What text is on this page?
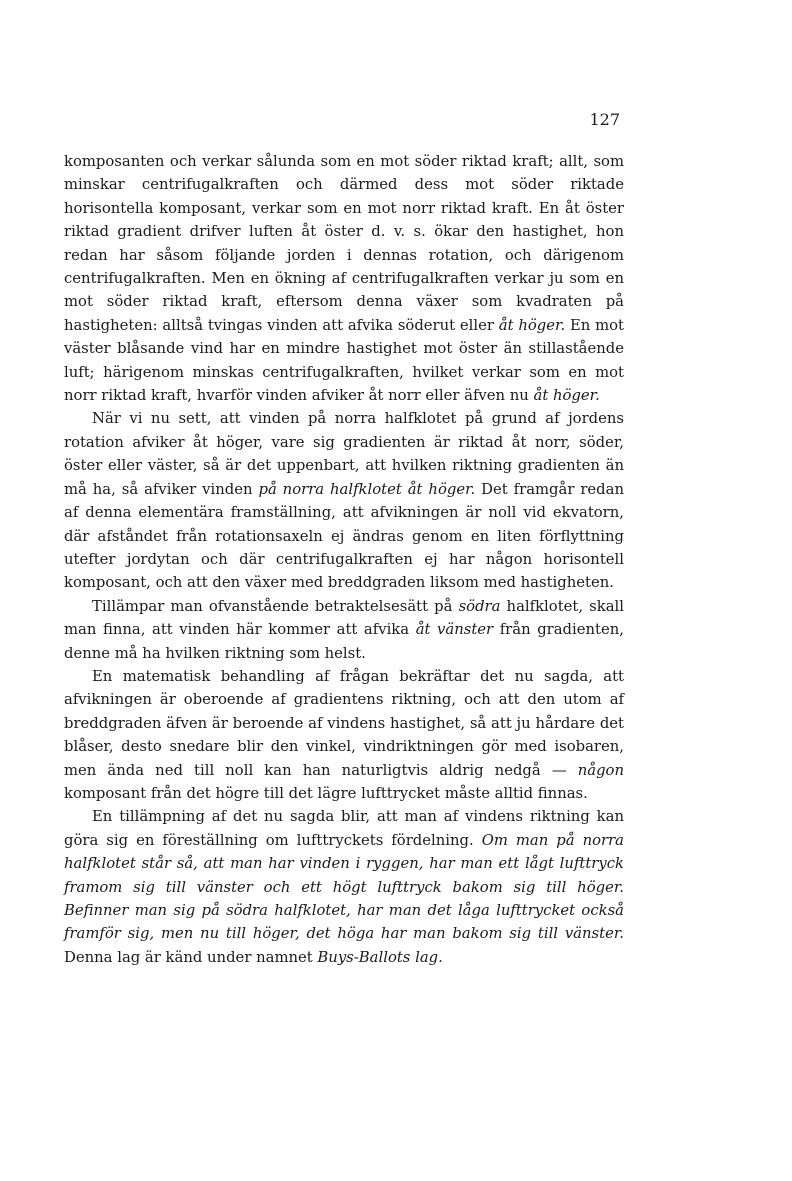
127

komposanten och verkar sålunda som en mot söder riktad kraft; allt, som minskar centrifugalkraften och därmed dess mot söder riktade horisontella komposant, verkar som en mot norr riktad kraft. En åt öster riktad gradient drifver luften åt öster d. v. s. ökar den hastighet, hon redan har såsom följande jorden i dennas rotation, och därigenom centrifugalkraften. Men en ökning af centrifugalkraften verkar ju som en mot söder riktad kraft, eftersom denna växer som kvadraten på hastigheten: alltså tvingas vinden att afvika söderut eller åt höger. En mot väster blåsande vind har en mindre hastighet mot öster än stillastående luft; härigenom minskas centrifugalkraften, hvilket verkar som en mot norr riktad kraft, hvarför vinden afviker åt norr eller äfven nu åt höger.

När vi nu sett, att vinden på norra halfklotet på grund af jordens rotation afviker åt höger, vare sig gradienten är riktad åt norr, söder, öster eller väster, så är det uppenbart, att hvilken riktning gradienten än må ha, så afviker vinden på norra halfklotet åt höger. Det framgår redan af denna elementära framställning, att afvikningen är noll vid ekvatorn, där afståndet från rotationsaxeln ej ändras genom en liten förflyttning utefter jordytan och där centrifugalkraften ej har någon horisontell komposant, och att den växer med breddgraden liksom med hastigheten.

Tillämpar man ofvanstående betraktelsesätt på södra halfklotet, skall man finna, att vinden här kommer att afvika åt vänster från gradienten, denne må ha hvilken riktning som helst.

En matematisk behandling af frågan bekräftar det nu sagda, att afvikningen är oberoende af gradientens riktning, och att den utom af breddgraden äfven är beroende af vindens hastighet, så att ju hårdare det blåser, desto snedare blir den vinkel, vindriktningen gör med isobaren, men ända ned till noll kan han naturligtvis aldrig nedgå — någon komposant från det högre till det lägre lufttrycket måste alltid finnas.

En tillämpning af det nu sagda blir, att man af vindens riktning kan göra sig en föreställning om lufttryckets fördelning. Om man på norra halfklotet står så, att man har vinden i ryggen, har man ett lågt lufttryck framom sig till vänster och ett högt lufttryck bakom sig till höger. Befinner man sig på södra halfklotet, har man det låga lufttrycket också framför sig, men nu till höger, det höga har man bakom sig till vänster. Denna lag är känd under namnet Buys-Ballots lag.
